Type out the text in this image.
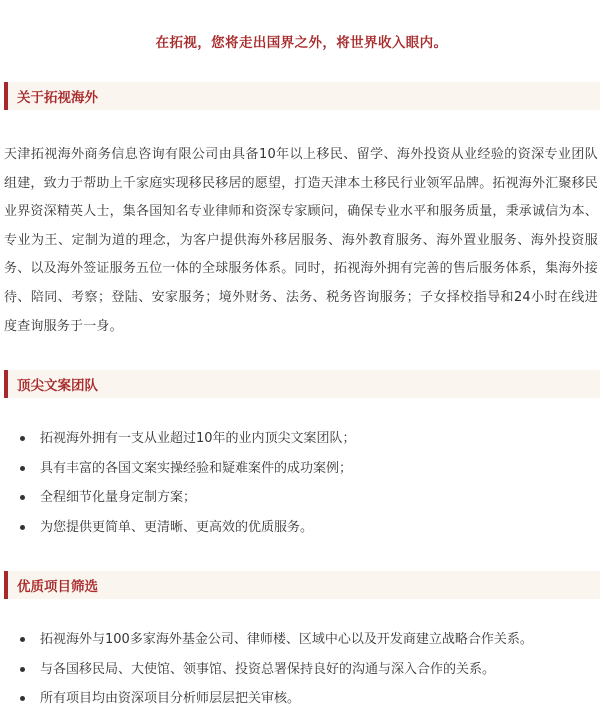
在拓视，您将走出国界之外，将世界收入眼内。
关于拓视海外
天津拓视海外商务信息咨询有限公司由具备10年以上移民、留学、海外投资从业经验的资深专业团队组建，致力于帮助上千家庭实现移民移居的愿望，打造天津本土移民行业领军品牌。拓视海外汇聚移民业界资深精英人士，集各国知名专业律师和资深专家顾问，确保专业水平和服务质量，秉承诚信为本、专业为王、定制为道的理念，为客户提供海外移居服务、海外教育服务、海外置业服务、海外投资服务、以及海外签证服务五位一体的全球服务体系。同时，拓视海外拥有完善的售后服务体系，集海外接待、陪同、考察；登陆、安家服务；境外财务、法务、税务咨询服务；子女择校指导和24小时在线进度查询服务于一身。
顶尖文案团队
拓视海外拥有一支从业超过10年的业内顶尖文案团队；
具有丰富的各国文案实操经验和疑难案件的成功案例；
全程细节化量身定制方案；
为您提供更简单、更清晰、更高效的优质服务。
优质项目筛选
拓视海外与100多家海外基金公司、律师楼、区域中心以及开发商建立战略合作关系。
与各国移民局、大使馆、领事馆、投资总署保持良好的沟通与深入合作的关系。
所有项目均由资深项目分析师层层把关审核。
